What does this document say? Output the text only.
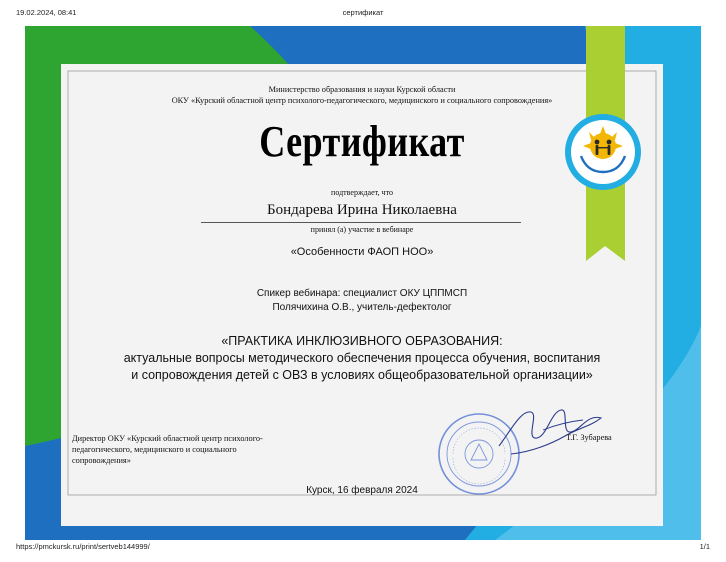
19.02.2024, 08:41	сертификат
Министерство образования и науки Курской области
ОКУ «Курский областной центр психолого-педагогического, медицинского и социального сопровождения»
Сертификат
подтверждает, что
Бондарева Ирина Николаевна
принял (а) участие в вебинаре
«Особенности ФАОП НОО»
Спикер вебинара: специалист ОКУ ЦППМСП
Полячихина О.В., учитель-дефектолог
«ПРАКТИКА ИНКЛЮЗИВНОГО ОБРАЗОВАНИЯ:
актуальные вопросы методического обеспечения процесса обучения, воспитания
и сопровождения детей с ОВЗ в условиях общеобразовательной организации»
Директор ОКУ «Курский областной центр психолого-педагогического, медицинского и социального сопровождения»
Т.Г. Зубарева
Курск, 16 февраля 2024
https://pmckursk.ru/print/sertveb144999/	1/1
